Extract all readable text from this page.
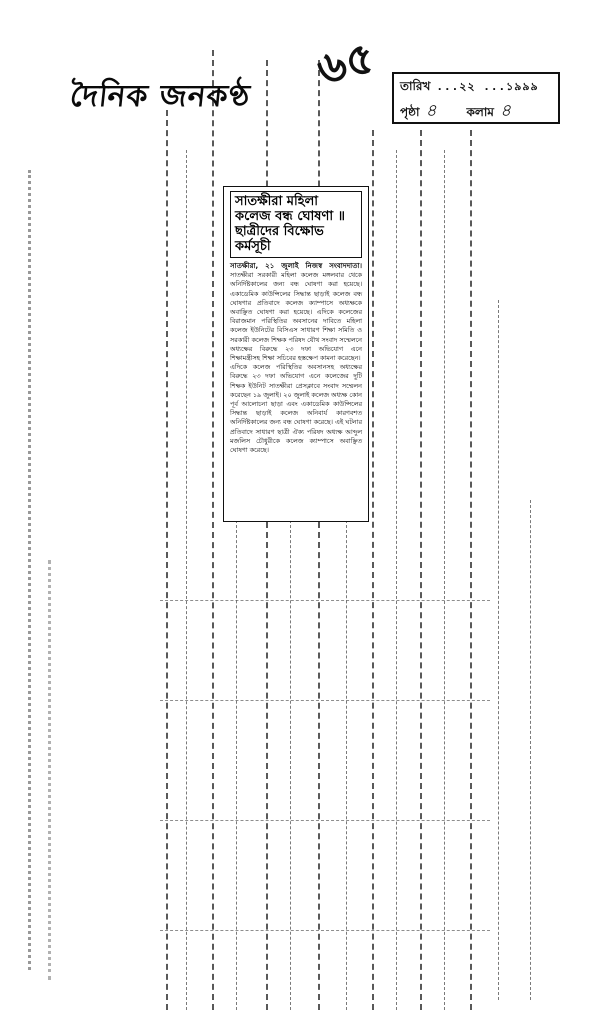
দৈনিক জনকণ্ঠ
৬৫ তারিখ ...২২ ...১৯৯৯
পৃষ্ঠা ৪	কলাম ৪
সাতক্ষীরা মহিলা কলেজ বন্ধ ঘোষণা ॥ ছাত্রীদের বিক্ষোভ কর্মসূচী

সাতক্ষীরা, ২১ জুলাই নিজস্ব সংবাদদাতা। সাতক্ষীরা সরকারী মহিলা কলেজ মঙ্গলবার থেকে অনির্দিষ্টকালের জন্য বন্ধ ঘোষণা করা হয়েছে। একাডেমিক কাউন্সিলের সিদ্ধান্ত ছাড়াই কলেজ বন্ধ ঘোষণার প্রতিবাদে কলেজ ক্যাম্পাসে অধ্যক্ষকে অবাঞ্ছিত ঘোষণা করা হয়েছে। এদিকে কলেজের বিরাজমান পরিস্থিতির অবসানের দাবিতে মহিলা কলেজ ইউনিটের বিসিএস সাধারণ শিক্ষা সমিতি ও সরকারী কলেজ শিক্ষক পরিষদ যৌথ সংবাদ সম্মেলনে অধ্যক্ষের বিরুদ্ধে ২৩ দফা অভিযোগ এনে শিক্ষামন্ত্রীসহ শিক্ষা সচিবের হস্তক্ষেপ কামনা করেছেন।

এদিকে কলেজ পরিস্থিতির অবসানসহ অধ্যক্ষের বিরুদ্ধে ২৩ দফা অভিযোগ এনে কলেজের দুটি শিক্ষক ইউনিট সাতক্ষীরা প্রেসক্লাবে সংবাদ সম্মেলন করেছেন ১৯ জুলাই। ২০ জুলাই কলেজ অধ্যক্ষ কোন পূর্ব আলোচনা ছাড়া এবং একাডেমিক কাউন্সিলের সিদ্ধান্ত ছাড়াই কলেজ অনিবার্য কারণবশত অনির্দিষ্টকালের জন্য বন্ধ ঘোষণা করেছে। এই ঘটনার প্রতিবাদে সাধারণ ছাত্রী ঐক্য পরিষদ অধ্যক্ষ আব্দুল মজলিস চৌধুরীকে কলেজ ক্যাম্পাসে অবাঞ্ছিত ঘোষণা করেছে।
